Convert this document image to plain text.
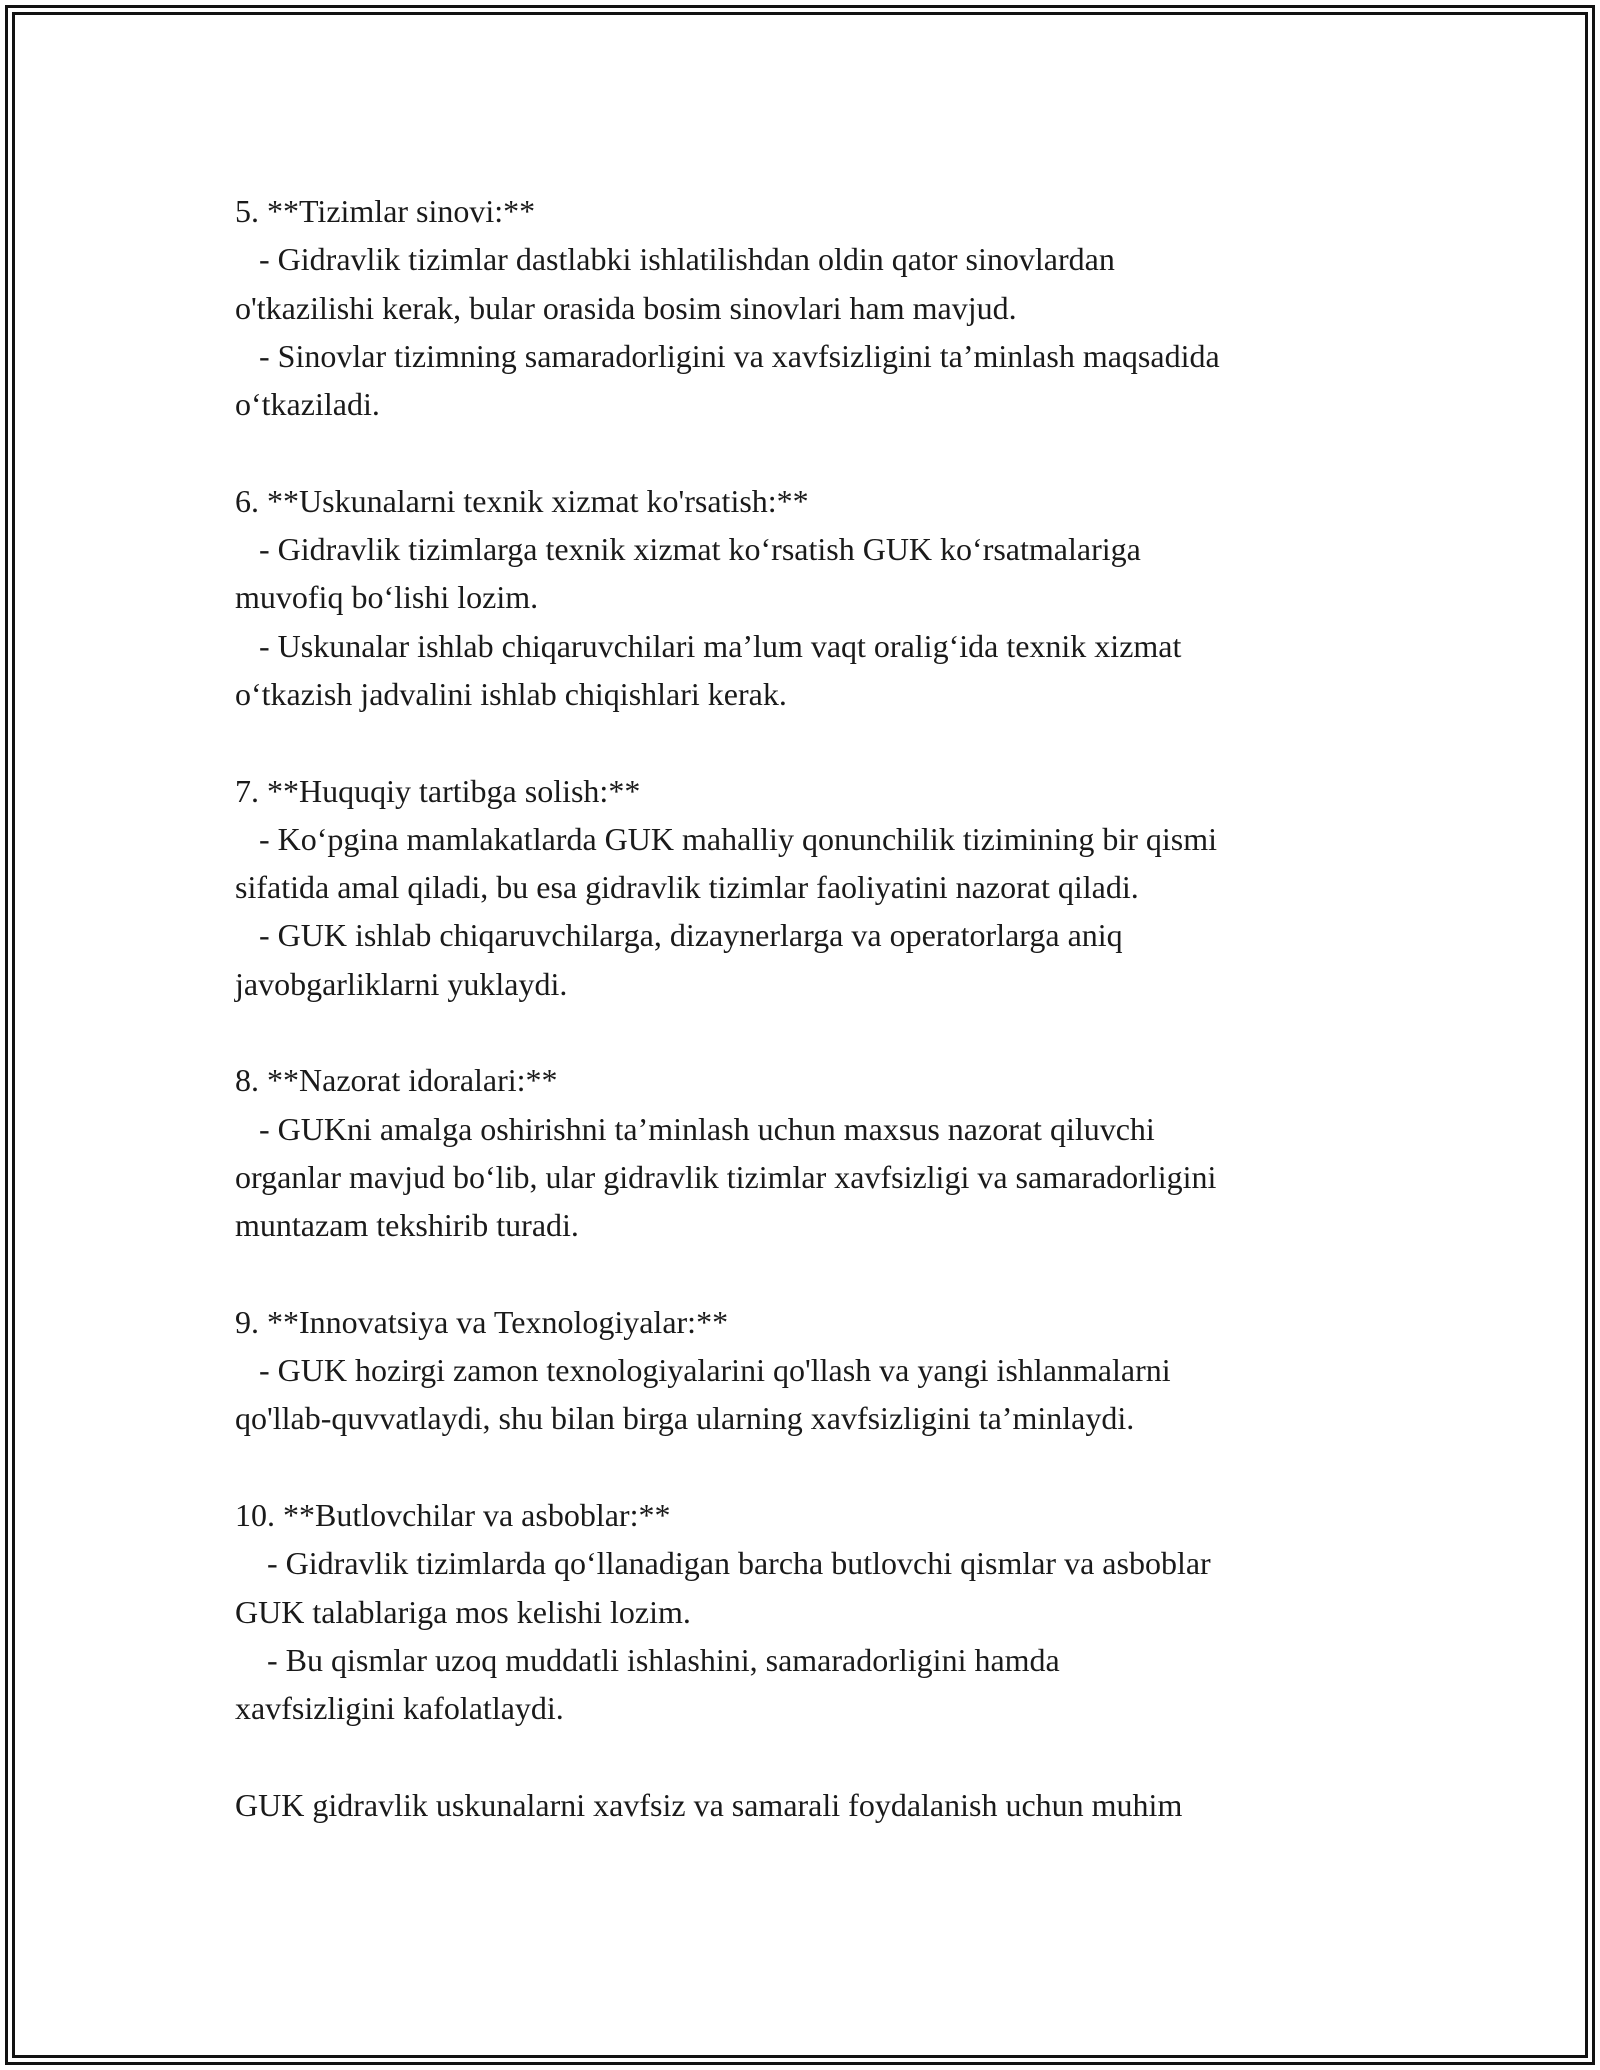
5. **Tizimlar sinovi:**
- Gidravlik tizimlar dastlabki ishlatilishdan oldin qator sinovlardan
o'tkazilishi kerak, bular orasida bosim sinovlari ham mavjud.
- Sinovlar tizimning samaradorligini va xavfsizligini ta’minlash maqsadida
o‘tkaziladi.
6. **Uskunalarni texnik xizmat ko'rsatish:**
- Gidravlik tizimlarga texnik xizmat ko‘rsatish GUK ko‘rsatmalariga
muvofiq bo‘lishi lozim.
- Uskunalar ishlab chiqaruvchilari ma’lum vaqt oralig‘ida texnik xizmat
o‘tkazish jadvalini ishlab chiqishlari kerak.
7. **Huquqiy tartibga solish:**
- Ko‘pgina mamlakatlarda GUK mahalliy qonunchilik tizimining bir qismi
sifatida amal qiladi, bu esa gidravlik tizimlar faoliyatini nazorat qiladi.
- GUK ishlab chiqaruvchilarga, dizaynerlarga va operatorlarga aniq
javobgarliklarni yuklaydi.
8. **Nazorat idoralari:**
- GUKni amalga oshirishni ta’minlash uchun maxsus nazorat qiluvchi
organlar mavjud bo‘lib, ular gidravlik tizimlar xavfsizligi va samaradorligini
muntazam tekshirib turadi.
9. **Innovatsiya va Texnologiyalar:**
- GUK hozirgi zamon texnologiyalarini qo'llash va yangi ishlanmalarni
qo'llab-quvvatlaydi, shu bilan birga ularning xavfsizligini ta’minlaydi.
10. **Butlovchilar va asboblar:**
- Gidravlik tizimlarda qo‘llanadigan barcha butlovchi qismlar va asboblar
GUK talablariga mos kelishi lozim.
- Bu qismlar uzoq muddatli ishlashini, samaradorligini hamda
xavfsizligini kafolatlaydi.
GUK gidravlik uskunalarni xavfsiz va samarali foydalanish uchun muhim
